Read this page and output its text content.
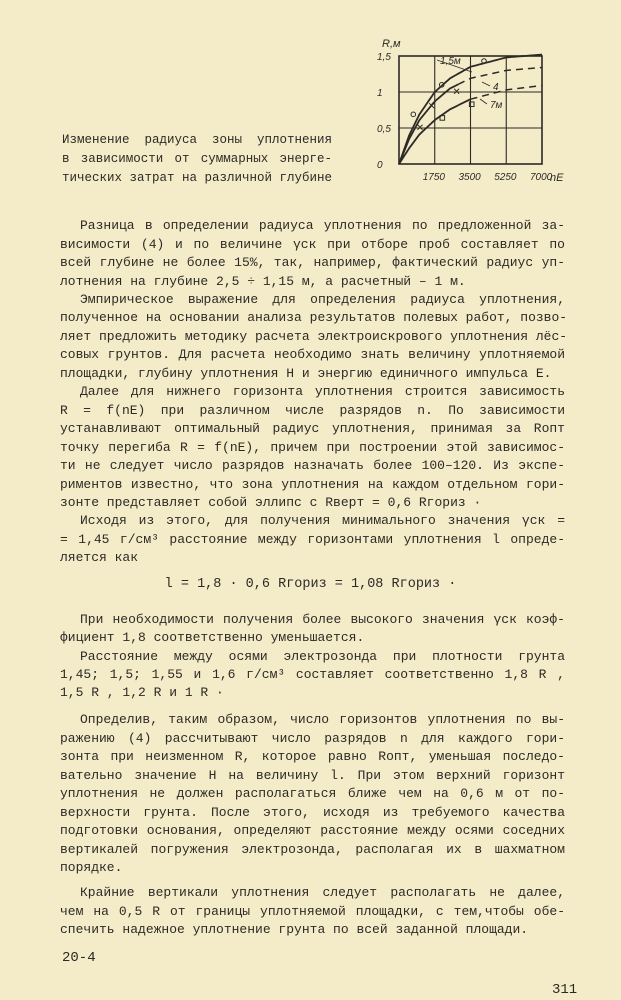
R,м
nE
1750 3500 5250 7000
0
0,5
1
1,5	1,5м
4
7м
Изменение радиуса зоны уплотнения
в зависимости от суммарных энерге-
тических затрат на различной глубине
Разница в определении радиуса уплотнения по предложенной за-
висимости (4) и по величине γск при отборе проб составляет по
всей глубине не более 15%, так, например, фактический радиус уп-
лотнения на глубине 2,5 ÷ 1,15 м, а расчетный – 1 м.
Эмпирическое выражение для определения радиуса уплотнения,
полученное на основании анализа результатов полевых работ, позво-
ляет предложить методику расчета электроискрового уплотнения лёс-
совых грунтов. Для расчета необходимо знать величину уплотняемой
площадки, глубину уплотнения H и энергию единичного импульса E.
Далее для нижнего горизонта уплотнения строится зависимость
R = f(nE) при различном числе разрядов n. По зависимости
устанавливают оптимальный радиус уплотнения, принимая за Rопт
точку перегиба R = f(nE), причем при построении этой зависимос-
ти не следует число разрядов назначать более 100–120. Из экспе-
риментов известно, что зона уплотнения на каждом отдельном гори-
зонте представляет собой эллипс с Rверт = 0,6 Rгориз ·
Исходя из этого, для получения минимального значения γск =
= 1,45 г/см³ расстояние между горизонтами уплотнения l опреде-
ляется как
При необходимости получения более высокого значения γск коэф-
фициент 1,8 соответственно уменьшается.
Расстояние между осями электрозонда при плотности грунта
1,45; 1,5; 1,55 и 1,6 г/см³ составляет соответственно 1,8 R ,
1,5 R , 1,2 R и 1 R ·
Определив, таким образом, число горизонтов уплотнения по вы-
ражению (4) рассчитывают число разрядов n для каждого гори-
зонта при неизменном R, которое равно Rопт, уменьшая последо-
вательно значение H на величину l. При этом верхний горизонт
уплотнения не должен располагаться ближе чем на 0,6 м от по-
верхности грунта. После этого, исходя из требуемого качества
подготовки основания, определяют расстояние между осями соседних
вертикалей погружения электрозонда, располагая их в шахматном
порядке.
Крайние вертикали уплотнения следует располагать не далее,
чем на 0,5 R от границы уплотняемой площадки, с тем,чтобы обе-
спечить надежное уплотнение грунта по всей заданной площади.
l = 1,8 · 0,6 Rгориз = 1,08 Rгориз ·
20-4
311
